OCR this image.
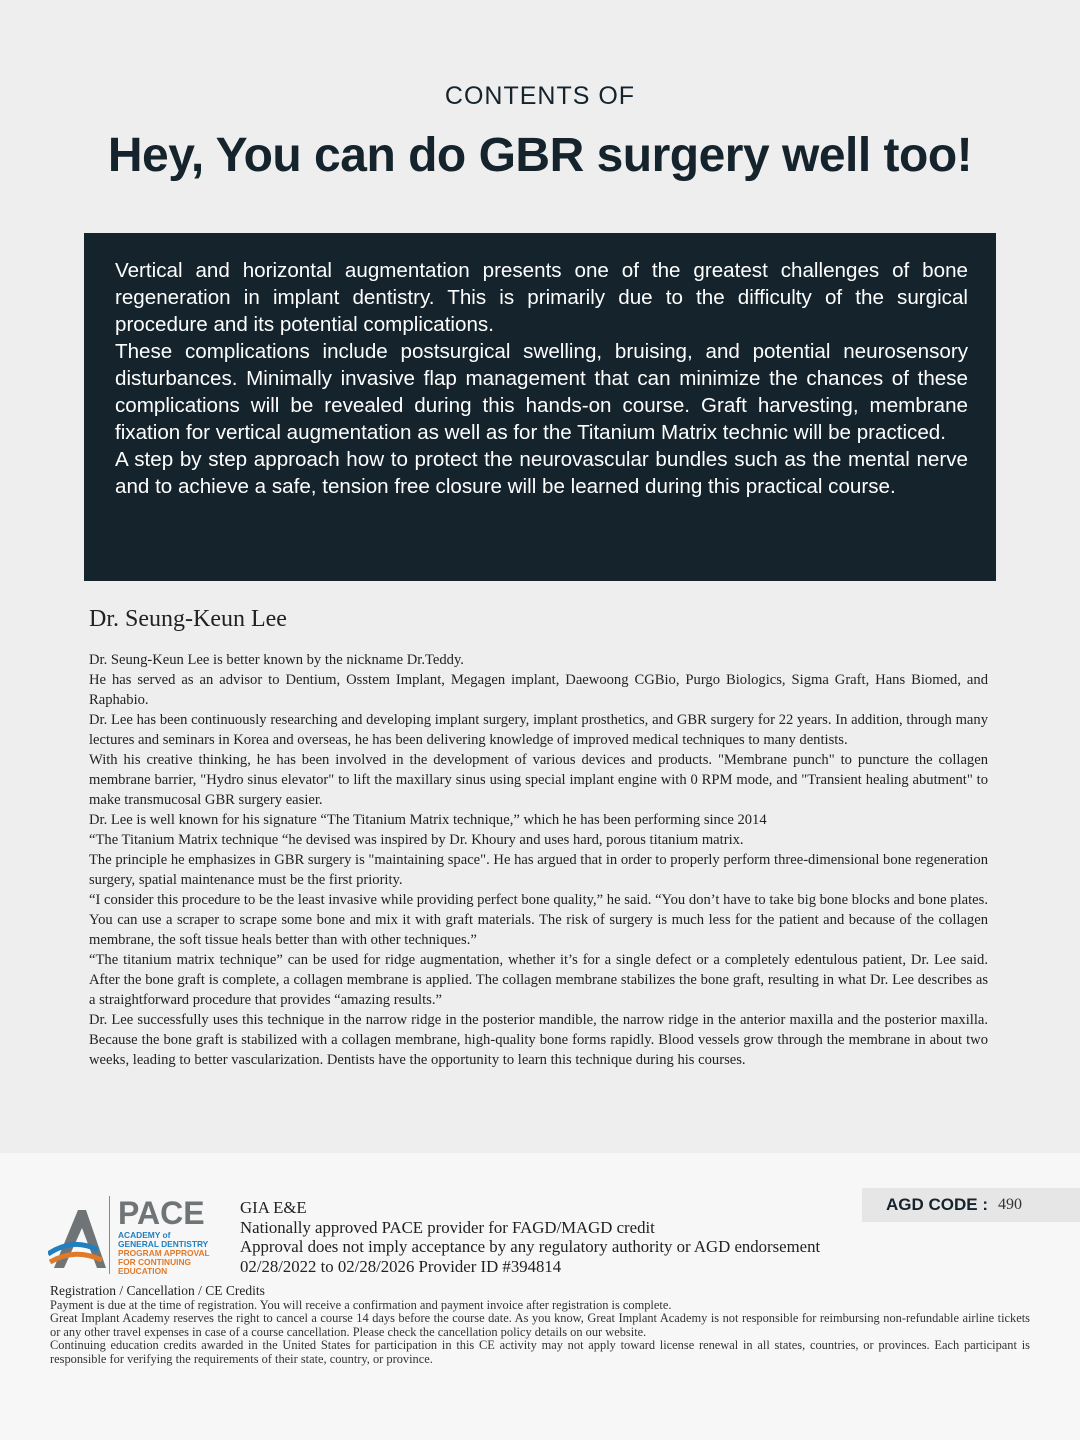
CONTENTS OF
Hey, You can do GBR surgery well too!

Vertical and horizontal augmentation presents one of the greatest challenges of bone regeneration in implant dentistry. This is primarily due to the difficulty of the surgical procedure and its potential complications.

These complications include postsurgical swelling, bruising, and potential neurosensory disturbances. Minimally invasive flap management that can minimize the chances of these complications will be revealed during this hands-on course. Graft harvesting, membrane fixation for vertical augmentation as well as for the Titanium Matrix technic will be practiced.

A step by step approach how to protect the neurovascular bundles such as the mental nerve and to achieve a safe, tension free closure will be learned during this practical course.

Dr. Seung-Keun Lee

Dr. Seung-Keun Lee is better known by the nickname Dr.Teddy.

He has served as an advisor to Dentium, Osstem Implant, Megagen implant, Daewoong CGBio, Purgo Biologics, Sigma Graft, Hans Biomed, and Raphabio.

Dr. Lee has been continuously researching and developing implant surgery, implant prosthetics, and GBR surgery for 22 years. In addition, through many lectures and seminars in Korea and overseas, he has been delivering knowledge of improved medical techniques to many dentists.

With his creative thinking, he has been involved in the development of various devices and products. "Membrane punch" to puncture the collagen membrane barrier, "Hydro sinus elevator" to lift the maxillary sinus using special implant engine with 0 RPM mode, and "Transient healing abutment" to make transmucosal GBR surgery easier.

Dr. Lee is well known for his signature “The Titanium Matrix technique,” which he has been performing since 2014

“The Titanium Matrix technique “he devised was inspired by Dr. Khoury and uses hard, porous titanium matrix.

The principle he emphasizes in GBR surgery is "maintaining space". He has argued that in order to properly perform three-dimensional bone regeneration surgery, spatial maintenance must be the first priority.

“I consider this procedure to be the least invasive while providing perfect bone quality,” he said. “You don’t have to take big bone blocks and bone plates. You can use a scraper to scrape some bone and mix it with graft materials. The risk of surgery is much less for the patient and because of the collagen membrane, the soft tissue heals better than with other techniques.”

“The titanium matrix technique” can be used for ridge augmentation, whether it’s for a single defect or a completely edentulous patient, Dr. Lee said. After the bone graft is complete, a collagen membrane is applied. The collagen membrane stabilizes the bone graft, resulting in what Dr. Lee describes as a straightforward procedure that provides “amazing results.”

Dr. Lee successfully uses this technique in the narrow ridge in the posterior mandible, the narrow ridge in the anterior maxilla and the posterior maxilla. Because the bone graft is stabilized with a collagen membrane, high-quality bone forms rapidly. Blood vessels grow through the membrane in about two weeks, leading to better vascularization. Dentists have the opportunity to learn this technique during his courses.

PACE
ACADEMY of
GENERAL DENTISTRY
PROGRAM APPROVAL
FOR CONTINUING
EDUCATION
GIA E&E
Nationally approved PACE provider for FAGD/MAGD credit
Approval does not imply acceptance by any regulatory authority or AGD endorsement
02/28/2022 to 02/28/2026 Provider ID #394814
AGD CODE : 490
Registration / Cancellation / CE Credits

Payment is due at the time of registration. You will receive a confirmation and payment invoice after registration is complete.

Great Implant Academy reserves the right to cancel a course 14 days before the course date. As you know, Great Implant Academy is not responsible for reimbursing non-refundable airline tickets or any other travel expenses in case of a course cancellation. Please check the cancellation policy details on our website.

Continuing education credits awarded in the United States for participation in this CE activity may not apply toward license renewal in all states, countries, or provinces. Each participant is responsible for verifying the requirements of their state, country, or province.
